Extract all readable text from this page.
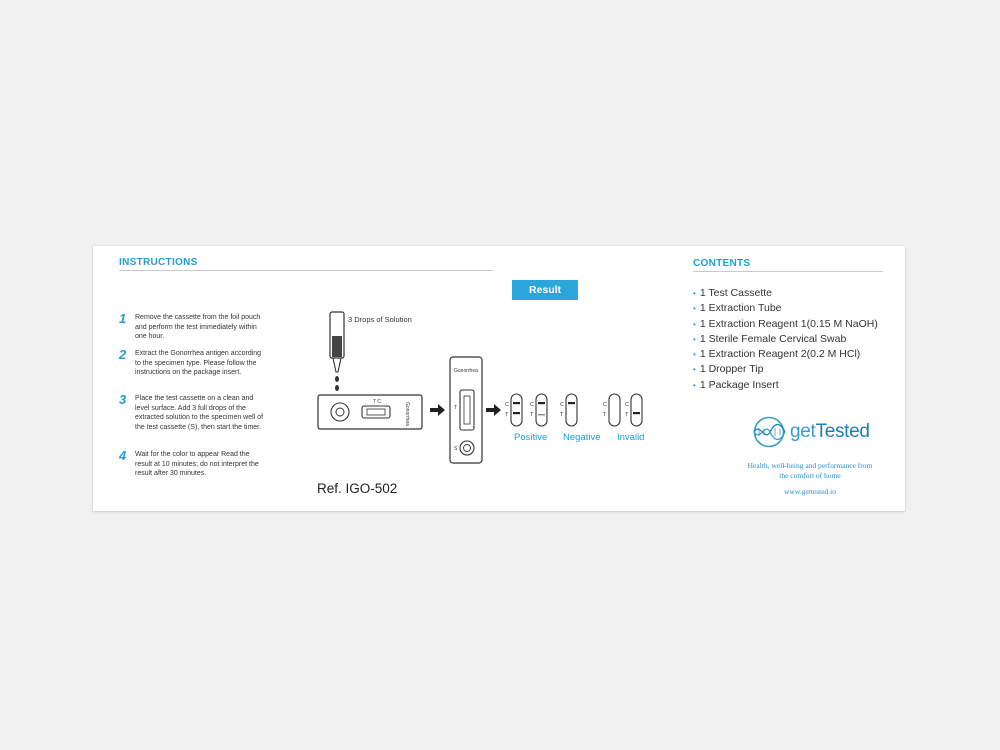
INSTRUCTIONS
1 Remove the cassette from the foil pouch and perform the test immediately within one hour.
2 Extract the Gonorrhea antigen according to the specimen type. Please follow the instructions on the package insert.
3 Place the test cassette on a clean and level surface. Add 3 full drops of the extracted solution to the specimen well of the test cassette (S), then start the timer.
4 Wait for the color to appear Read the result at 10 minutes; do not interpret the result after 30 minutes.
Result
3 Drops of Solution
T C	Gonorrhea
Gonorrhea
T
S
C
T
C
T
C
T
C
T
C
T
Positive Negative Invalid
Ref. IGO-502
CONTENTS
• 1 Test Cassette
• 1 Extraction Tube
• 1 Extraction Reagent 1(0.15 M NaOH)
• 1 Sterile Female Cervical Swab
• 1 Extraction Reagent 2(0.2 M HCl)
• 1 Dropper Tip
• 1 Package Insert
getTested
Health, well-being and performance from the comfort of home
www.gettested.io
